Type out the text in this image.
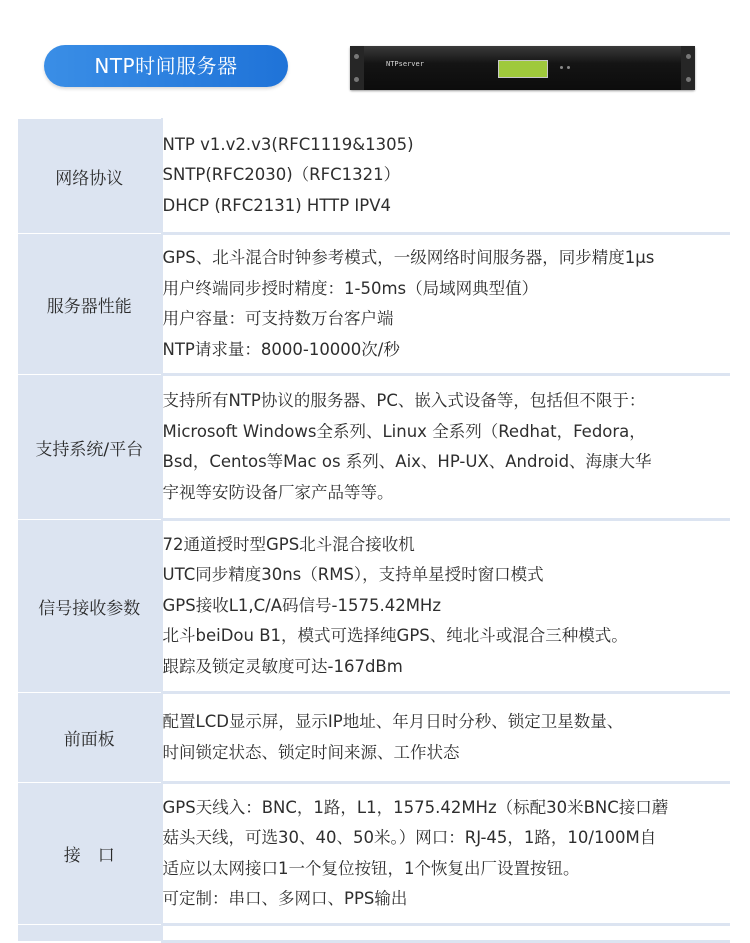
NTP时间服务器	NTPserver
网络协议	NTP v1.v2.v3(RFC1119&1305)
SNTP(RFC2030)（RFC1321）
DHCP (RFC2131) HTTP IPV4

服务器性能	GPS、北斗混合时钟参考模式，一级网络时间服务器，同步精度1μs
用户终端同步授时精度：1-50ms（局域网典型值）
用户容量：可支持数万台客户端
NTP请求量：8000-10000次/秒

支持系统/平台	支持所有NTP协议的服务器、PC、嵌入式设备等，包括但不限于：
Microsoft Windows全系列、Linux 全系列（Redhat，Fedora，
Bsd，Centos等Mac os 系列、Aix、HP-UX、Android、海康大华
宇视等安防设备厂家产品等等。

信号接收参数	72通道授时型GPS北斗混合接收机
UTC同步精度30ns（RMS），支持单星授时窗口模式
GPS接收L1,C/A码信号-1575.42MHz
北斗beiDou B1，模式可选择纯GPS、纯北斗或混合三种模式。
跟踪及锁定灵敏度可达-167dBm

前面板	配置LCD显示屏，显示IP地址、年月日时分秒、锁定卫星数量、
时间锁定状态、锁定时间来源、工作状态

接　口	GPS天线入：BNC，1路，L1，1575.42MHz（标配30米BNC接口蘑
菇头天线，可选30、40、50米。）网口：RJ-45，1路，10/100M自
适应以太网接口1一个复位按钮，1个恢复出厂设置按钮。
可定制：串口、多网口、PPS输出
